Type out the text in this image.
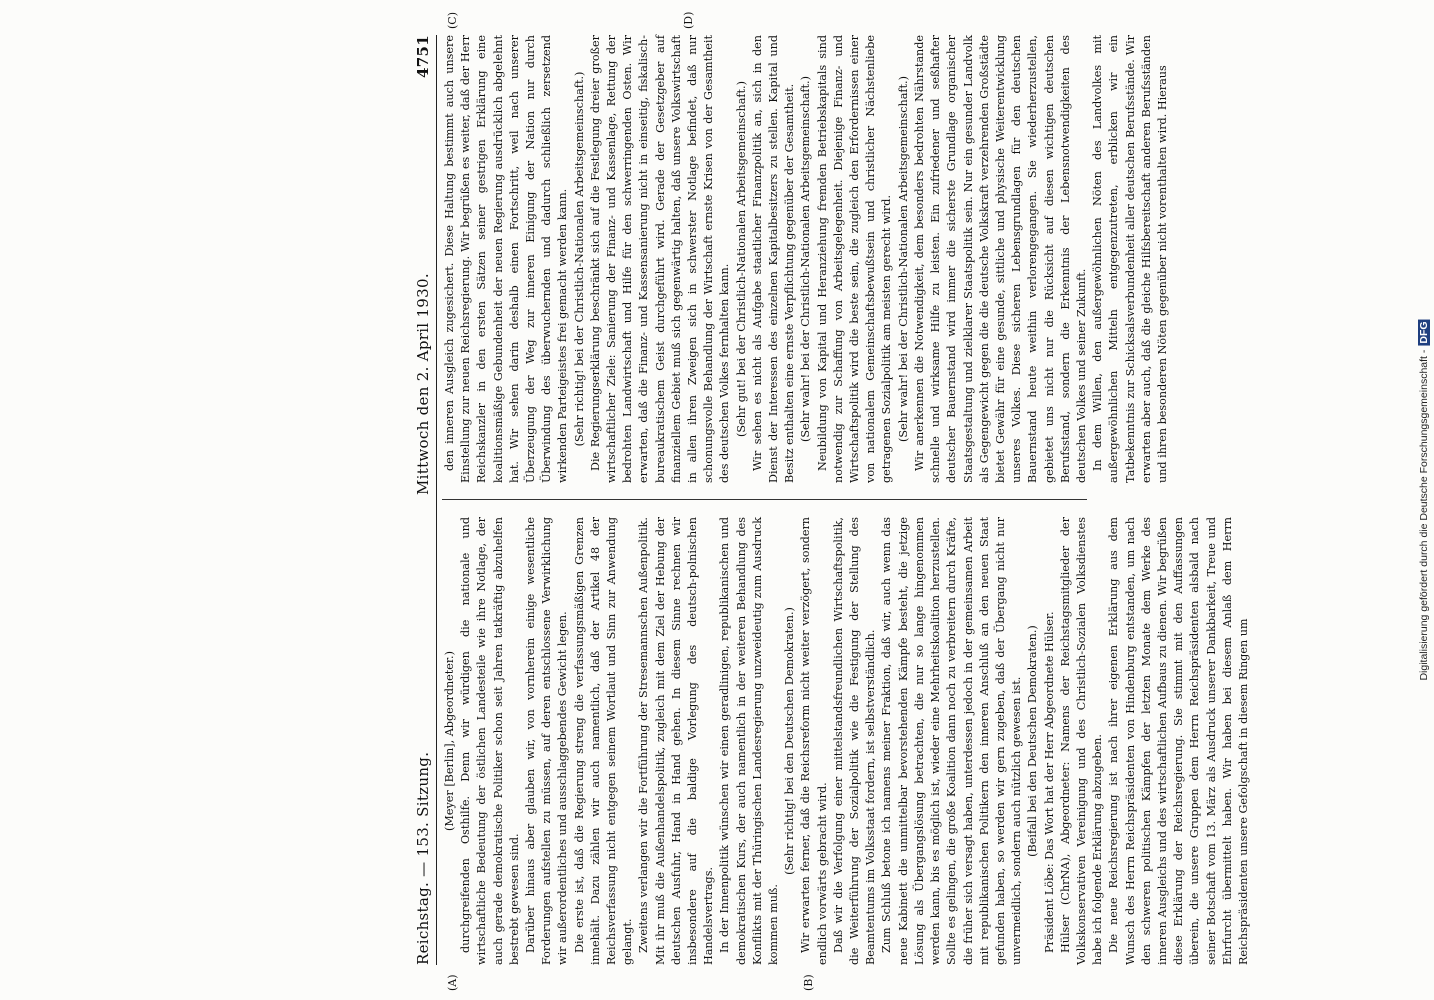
Reichstag. — 153. Sitzung.
Mittwoch den 2. April 1930.
4751
(A)	(B)
(C)	(D)

(Meyer [Berlin], Abgeordneter.) durchgreifenden Osthilfe. Denn wir würdigen die nationale und wirtschaftliche Bedeutung der östlichen Landesteile wie ihre Notlage, der auch gerade demokratische Politiker schon seit Jahren tatkräftig abzuhelfen bestrebt gewesen sind. Darüber hinaus aber glauben wir, von vornherein einige wesentliche Forderungen aufstellen zu müssen, auf deren entschlossene Verwirklichung wir außerordentliches und ausschlaggebendes Gewicht legen. Die erste ist, daß die Regierung streng die verfassungsmäßigen Grenzen innehält. Dazu zählen wir auch namentlich, daß der Artikel 48 der Reichsverfassung nicht entgegen seinem Wortlaut und Sinn zur Anwendung gelangt. Zweitens verlangen wir die Fortführung der Stresemannschen Außenpolitik. Mit ihr muß die Außenhandelspolitik, zugleich mit dem Ziel der Hebung der deutschen Ausfuhr, Hand in Hand gehen. In diesem Sinne rechnen wir insbesondere auf die baldige Vorlegung des deutsch-polnischen Handelsvertrags. In der Innenpolitik wünschen wir einen geradlinigen, republikanischen und demokratischen Kurs, der auch namentlich in der weiteren Behandlung des Konflikts mit der Thüringischen Landesregierung unzweideutig zum Ausdruck kommen muß.

(Sehr richtig! bei den Deutschen Demokraten.) Wir erwarten ferner, daß die Reichsreform nicht weiter verzögert, sondern endlich vorwärts gebracht wird. Daß wir die Verfolgung einer mittelstandsfreundlichen Wirtschaftspolitik, die Weiterführung der Sozialpolitik wie die Festigung der Stellung des Beamtentums im Volksstaat fordern, ist selbstverständlich. Zum Schluß betone ich namens meiner Fraktion, daß wir, auch wenn das neue Kabinett die unmittelbar bevorstehenden Kämpfe besteht, die jetzige Lösung als Übergangslösung betrachten, die nur so lange hingenommen werden kann, bis es möglich ist, wieder eine Mehrheitskoalition herzustellen. Sollte es gelingen, die große Koalition dann noch zu verbreitern durch Kräfte, die früher sich versagt haben, unterdessen jedoch in der gemeinsamen Arbeit mit republikanischen Politikern den inneren Anschluß an den neuen Staat gefunden haben, so werden wir gern zugeben, daß der Übergang nicht nur unvermeidlich, sondern auch nützlich gewesen ist. (Beifall bei den Deutschen Demokraten.) Präsident Löbe: Das Wort hat der Herr Abgeordnete Hülser. Hülser (ChrNA), Abgeordneter: Namens der Reichstagsmitglieder der Volkskonservativen Vereinigung und des Christlich-Sozialen Volksdienstes habe ich folgende Erklärung abzugeben. Die neue Reichsregierung ist nach ihrer eigenen Erklärung aus dem Wunsch des Herrn Reichspräsidenten von Hindenburg entstanden, um nach den schweren politischen Kämpfen der letzten Monate dem Werke des inneren Ausgleichs und des wirtschaftlichen Aufbaus zu dienen. Wir begrüßen diese Erklärung der Reichsregierung. Sie stimmt mit den Auffassungen überein, die unsere Gruppen dem Herrn Reichspräsidenten alsbald nach seiner Botschaft vom 13. März als Ausdruck unserer Dankbarkeit, Treue und Ehrfurcht übermittelt haben. Wir haben bei diesem Anlaß dem Herrn Reichspräsidenten unsere Gefolgschaft in diesem Ringen um

den inneren Ausgleich zugesichert. Diese Haltung bestimmt auch unsere Einstellung zur neuen Reichsregierung. Wir begrüßen es weiter, daß der Herr Reichskanzler in den ersten Sätzen seiner gestrigen Erklärung eine koalitionsmäßige Gebundenheit der neuen Regierung ausdrücklich abgelehnt hat. Wir sehen darin deshalb einen Fortschritt, weil nach unserer Überzeugung der Weg zur inneren Einigung der Nation nur durch Überwindung des überwuchernden und dadurch schließlich zersetzend wirkenden Parteigeistes frei gemacht werden kann. (Sehr richtig! bei der Christlich-Nationalen Arbeitsgemeinschaft.) Die Regierungserklärung beschränkt sich auf die Festlegung dreier großer wirtschaftlicher Ziele: Sanierung der Finanz- und Kassenlage, Rettung der bedrohten Landwirtschaft und Hilfe für den schwerringenden Osten. Wir erwarten, daß die Finanz- und Kassensanierung nicht in einseitig, fiskalisch-bureaukratischem Geist durchgeführt wird. Gerade der Gesetzgeber auf finanziellem Gebiet muß sich gegenwärtig halten, daß unsere Volkswirtschaft in allen ihren Zweigen sich in schwerster Notlage befindet, daß nur schonungsvolle Behandlung der Wirtschaft ernste Krisen von der Gesamtheit des deutschen Volkes fernhalten kann. (Sehr gut! bei der Christlich-Nationalen Arbeitsgemeinschaft.) Wir sehen es nicht als Aufgabe staatlicher Finanzpolitik an, sich in den Dienst der Interessen des einzelnen Kapitalbesitzers zu stellen. Kapital und Besitz enthalten eine ernste Verpflichtung gegenüber der Gesamtheit. (Sehr wahr! bei der Christlich-Nationalen Arbeitsgemeinschaft.) Neubildung von Kapital und Heranziehung fremden Betriebskapitals sind notwendig zur Schaffung von Arbeitsgelegenheit. Diejenige Finanz- und Wirtschaftspolitik wird die beste sein, die zugleich den Erfordernissen einer von nationalem Gemeinschaftsbewußtsein und christlicher Nächstenliebe getragenen Sozialpolitik am meisten gerecht wird. (Sehr wahr! bei der Christlich-Nationalen Arbeitsgemeinschaft.) Wir anerkennen die Notwendigkeit, dem besonders bedrohten Nährstande schnelle und wirksame Hilfe zu leisten. Ein zufriedener und seßhafter deutscher Bauernstand wird immer die sicherste Grundlage organischer Staatsgestaltung und zielklarer Staatspolitik sein. Nur ein gesunder Landvolk als Gegengewicht gegen die die deutsche Volkskraft verzehrenden Großstädte bietet Gewähr für eine gesunde, sittliche und physische Weiterentwicklung unseres Volkes. Diese sicheren Lebensgrundlagen für den deutschen Bauernstand heute weithin verlorengegangen. Sie wiederherzustellen, gebietet uns nicht nur die Rücksicht auf diesen wichtigen deutschen Berufsstand, sondern die Erkenntnis der Lebensnotwendigkeiten des deutschen Volkes und seiner Zukunft. In dem Willen, den außergewöhnlichen Nöten des Landvolkes mit außergewöhnlichen Mitteln entgegenzutreten, erblicken wir ein Tatbekenntnis zur Schicksalsverbundenheit aller deutschen Berufsstände. Wir erwarten aber auch, daß die gleiche Hilfsbereitschaft anderen Berufsständen und ihren besonderen Nöten gegenüber nicht vorenthalten wird. Hieraus

Digitalisierung gefördert durch die Deutsche Forschungsgemeinschaft -DFG
